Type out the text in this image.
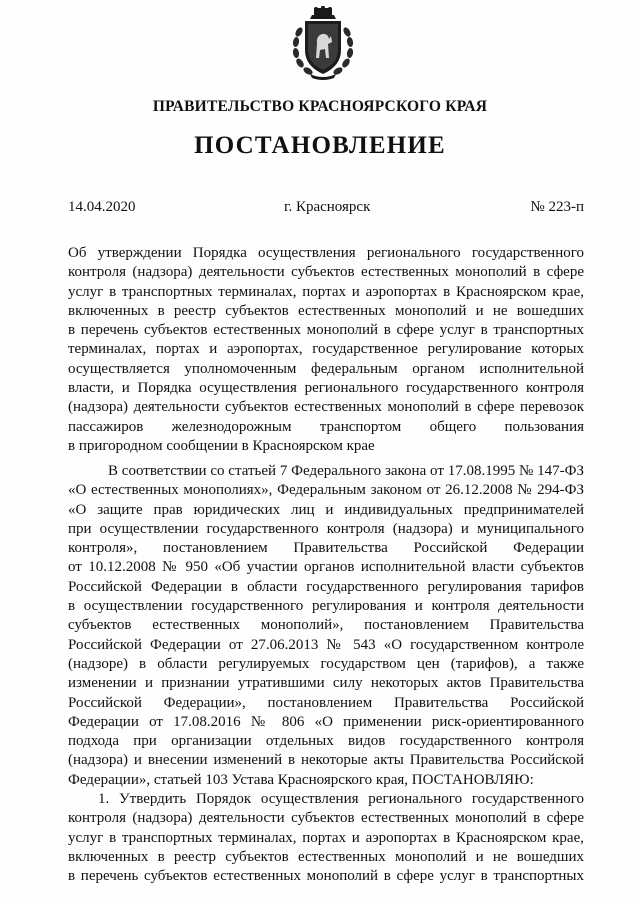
ПРАВИТЕЛЬСТВО КРАСНОЯРСКОГО КРАЯ
ПОСТАНОВЛЕНИЕ
14.04.2020	г. Красноярск	№ 223-п
Об утверждении Порядка осуществления регионального государственного
контроля (надзора) деятельности субъектов естественных монополий в сфере
услуг в транспортных терминалах, портах и аэропортах в Красноярском крае,
включенных в реестр субъектов естественных монополий и не вошедших
в перечень субъектов естественных монополий в сфере услуг в транспортных
терминалах, портах и аэропортах, государственное регулирование которых
осуществляется уполномоченным федеральным органом исполнительной
власти, и Порядка осуществления регионального государственного контроля
(надзора) деятельности субъектов естественных монополий в сфере перевозок
пассажиров железнодорожным транспортом общего пользования
в пригородном сообщении в Красноярском крае
В соответствии со статьей 7 Федерального закона от 17.08.1995 № 147-ФЗ
«О естественных монополиях», Федеральным законом от 26.12.2008 № 294-ФЗ
«О защите прав юридических лиц и индивидуальных предпринимателей
при осуществлении государственного контроля (надзора) и муниципального
контроля», постановлением Правительства Российской Федерации
от 10.12.2008 № 950 «Об участии органов исполнительной власти субъектов
Российской Федерации в области государственного регулирования тарифов
в осуществлении государственного регулирования и контроля деятельности
субъектов естественных монополий», постановлением Правительства
Российской Федерации от 27.06.2013 № 543 «О государственном контроле
(надзоре) в области регулируемых государством цен (тарифов), а также
изменении и признании утратившими силу некоторых актов Правительства
Российской Федерации», постановлением Правительства Российской
Федерации от 17.08.2016 № 806 «О применении риск-ориентированного
подхода при организации отдельных видов государственного контроля
(надзора) и внесении изменений в некоторые акты Правительства Российской
Федерации», статьей 103 Устава Красноярского края, ПОСТАНОВЛЯЮ:
1. Утвердить Порядок осуществления регионального государственного
контроля (надзора) деятельности субъектов естественных монополий в сфере
услуг в транспортных терминалах, портах и аэропортах в Красноярском крае,
включенных в реестр субъектов естественных монополий и не вошедших
в перечень субъектов естественных монополий в сфере услуг в транспортных
